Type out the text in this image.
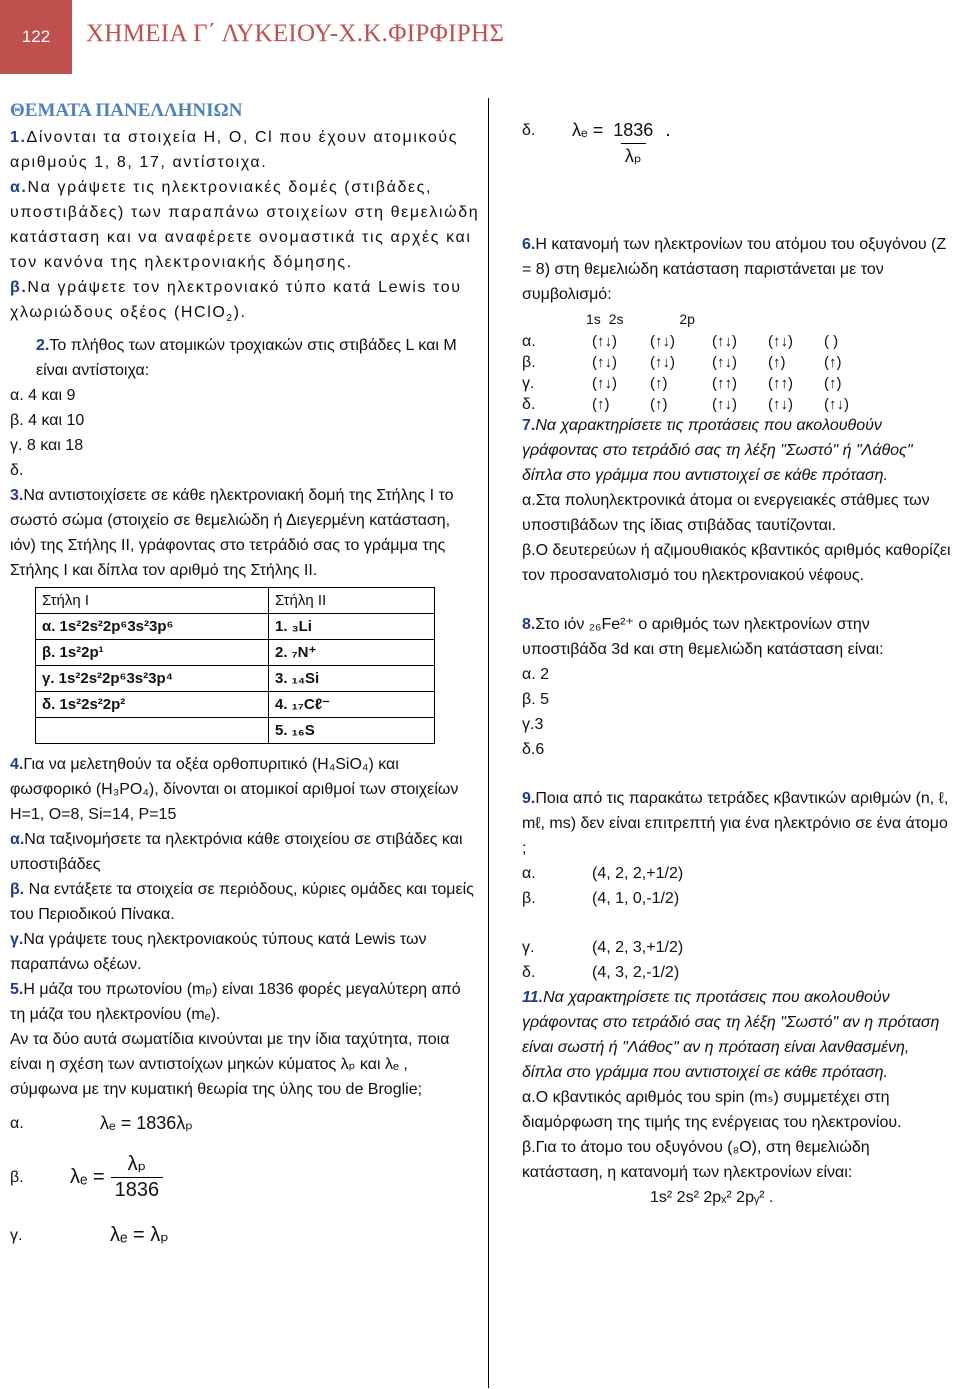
122	ΧΗΜΕΙΑ Γ΄ ΛΥΚΕΙΟΥ-Χ.Κ.ΦΙΡΦΙΡΗΣ
ΘΕΜΑΤΑ ΠΑΝΕΛΛΗΝΙΩΝ

1.Δίνονται τα στοιχεία Η, Ο, Cl που έχουν ατομικούς αριθμούς 1, 8, 17, αντίστοιχα.

α.Να γράψετε τις ηλεκτρονιακές δομές (στιβάδες, υποστιβάδες) των παραπάνω στοιχείων στη θεμελιώδη κατάσταση και να αναφέρετε ονομαστικά τις αρχές και τον κανόνα της ηλεκτρονιακής δόμησης.

β.Να γράψετε τον ηλεκτρονιακό τύπο κατά Lewis του χλωριώδους οξέος (HClO$_2$).

2.Το πλήθος των ατομικών τροχιακών στις στιβάδες L και M είναι αντίστοιχα:

α. 4 και 9

β. 4 και 10

γ. 8 και 18

δ.

3.Να αντιστοιχίσετε σε κάθε ηλεκτρονιακή δομή της Στήλης Ι το σωστό σώμα (στοιχείο σε θεμελιώδη ή Διεγερμένη κατάσταση, ιόν) της Στήλης ΙΙ, γράφοντας στο τετράδιό σας το γράμμα της Στήλης Ι και δίπλα τον αριθμό της Στήλης ΙΙ.

Στήλη Ι	Στήλη ΙΙ
α. 1s²2s²2p⁶3s²3p⁶	1. ₃Li
β. 1s²2p¹	2. ₇N⁺
γ. 1s²2s²2p⁶3s²3p⁴	3. ₁₄Si
δ. 1s²2s²2p²	4. ₁₇Cℓ⁻
	5. ₁₆S

4.Για να μελετηθούν τα οξέα ορθοπυριτικό (H₄SiO₄) και φωσφορικό (H₃PO₄), δίνονται οι ατομικοί αριθμοί των στοιχείων H=1, O=8, Si=14, P=15

α.Να ταξινομήσετε τα ηλεκτρόνια κάθε στοιχείου σε στιβάδες και υποστιβάδες

β. Να εντάξετε τα στοιχεία σε περιόδους, κύριες ομάδες και τομείς του Περιοδικού Πίνακα.

γ.Να γράψετε τους ηλεκτρονιακούς τύπους κατά Lewis των παραπάνω οξέων.

5.Η μάζα του πρωτονίου (mₚ) είναι 1836 φορές μεγαλύτερη από τη μάζα του ηλεκτρονίου (mₑ).

Αν τα δύο αυτά σωματίδια κινούνται με την ίδια ταχύτητα, ποια είναι η σχέση των αντιστοίχων μηκών κύματος λₚ και λₑ , σύμφωνα με την κυματική θεωρία της ύλης του de Broglie;

α.	λₑ = 1836λₚ
β.	$\lambda_e = \frac{\text{λₚ}}{1836}$
γ.	λₑ = λₚ
δ.	$\lambda_e = \frac{1836}{\text{λₚ}}$ .

6.Η κατανομή των ηλεκτρονίων του ατόμου του οξυγόνου (Z = 8) στη θεμελιώδη κατάσταση παριστάνεται με τον συμβολισμό:

1s 2s	2p
α.	(↑↓)	(↑↓)	(↑↓)	(↑↓)	( )
β.	(↑↓)	(↑↓)	(↑↓)	(↑)	(↑)
γ.	(↑↓)	(↑)	(↑↑)	(↑↑)	(↑)
δ.	(↑)	(↑)	(↑↓)	(↑↓)	(↑↓)

7.Να χαρακτηρίσετε τις προτάσεις που ακολουθούν γράφοντας στο τετράδιό σας τη λέξη "Σωστό" ή "Λάθος" δίπλα στο γράμμα που αντιστοιχεί σε κάθε πρόταση.

α.Στα πολυηλεκτρονικά άτομα οι ενεργειακές στάθμες των υποστιβάδων της ίδιας στιβάδας ταυτίζονται.

β.Ο δευτερεύων ή αζιμουθιακός κβαντικός αριθμός καθορίζει τον προσανατολισμό του ηλεκτρονιακού νέφους.

8.Στο ιόν ₂₆Fe²⁺ ο αριθμός των ηλεκτρονίων στην υποστιβάδα 3d και στη θεμελιώδη κατάσταση είναι:

α. 2

β. 5

γ.3

δ.6

9.Ποια από τις παρακάτω τετράδες κβαντικών αριθμών (n, ℓ, mℓ, ms) δεν είναι επιτρεπτή για ένα ηλεκτρόνιο σε ένα άτομο ;

α.	(4, 2, 2,+1/2)

β.	(4, 1, 0,-1/2)

γ.	(4, 2, 3,+1/2)

δ.	(4, 3, 2,-1/2)

11.Να χαρακτηρίσετε τις προτάσεις που ακολουθούν γράφοντας στο τετράδιό σας τη λέξη "Σωστό" αν η πρόταση είναι σωστή ή "Λάθος" αν η πρόταση είναι λανθασμένη, δίπλα στο γράμμα που αντιστοιχεί σε κάθε πρόταση.

α.Ο κβαντικός αριθμός του spin (mₛ) συμμετέχει στη διαμόρφωση της τιμής της ενέργειας του ηλεκτρονίου.

β.Για το άτομο του οξυγόνου (₈O), στη θεμελιώδη κατάσταση, η κατανομή των ηλεκτρονίων είναι:

1s² 2s² 2pₓ² 2pᵧ² .
